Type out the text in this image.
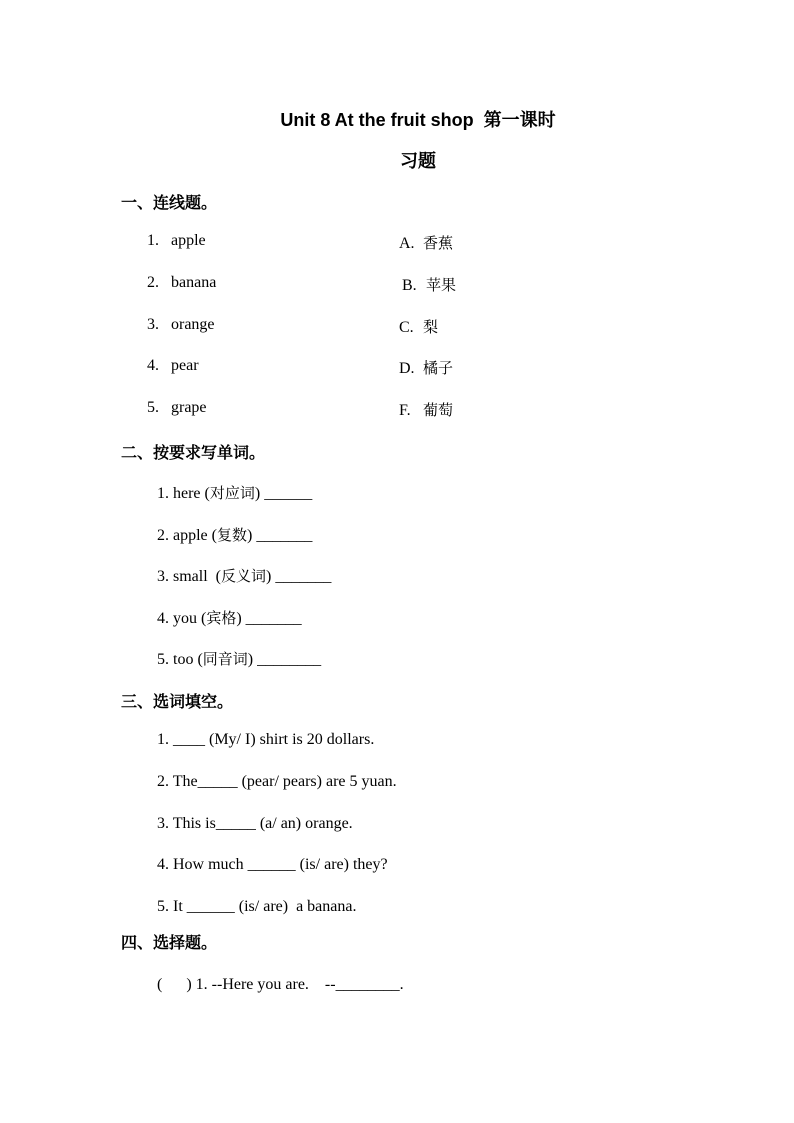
Unit 8 At the fruit shop  第一课时
习题
一、连线题。
1. apple
2. banana
3. orange
4. pear
5. grape
A. 香蕉
B. 苹果
C. 梨
D. 橘子
F. 葡萄
二、按要求写单词。
1. here (对应词) ______
2. apple (复数) _______
3. small  (反义词) _______
4. you (宾格) _______
5. too (同音词) ________
三、选词填空。
1. ____ (My/ I) shirt is 20 dollars.
2. The_____ (pear/ pears) are 5 yuan.
3. This is_____ (a/ an) orange.
4. How much ______ (is/ are) they?
5. It ______ (is/ are)  a banana.
四、选择题。
(      ) 1. --Here you are.    --________.
